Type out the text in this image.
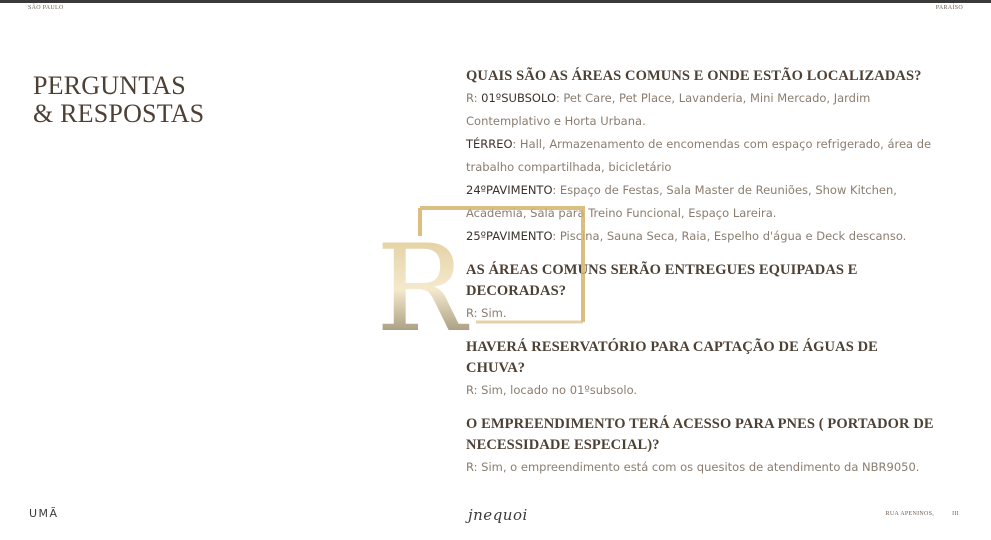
SÃO PAULO	PARAÍSO
PERGUNTAS
& RESPOSTAS
QUAIS SÃO AS ÁREAS COMUNS E ONDE ESTÃO LOCALIZADAS?
R: 01ºSUBSOLO: Pet Care, Pet Place, Lavanderia, Mini Mercado, Jardim Contemplativo e Horta Urbana.
TÉRREO: Hall, Armazenamento de encomendas com espaço refrigerado, área de trabalho compartilhada, bicicletário
24ºPAVIMENTO: Espaço de Festas, Sala Master de Reuniões, Show Kitchen, Academia, Sala para Treino Funcional, Espaço Lareira.
25ºPAVIMENTO: Piscina, Sauna Seca, Raia, Espelho d'água e Deck descanso.
AS ÁREAS COMUNS SERÃO ENTREGUES EQUIPADAS E DECORADAS?
R: Sim.
HAVERÁ RESERVATÓRIO PARA CAPTAÇÃO DE ÁGUAS DE CHUVA?
R: Sim, locado no 01ºsubsolo.
O EMPREENDIMENTO TERÁ ACESSO PARA PNES ( PORTADOR DE NECESSIDADE ESPECIAL)?
R: Sim, o empreendimento está com os quesitos de atendimento da NBR9050.
R
UMÃ	jnequoi	RUA APENINOS,	III
